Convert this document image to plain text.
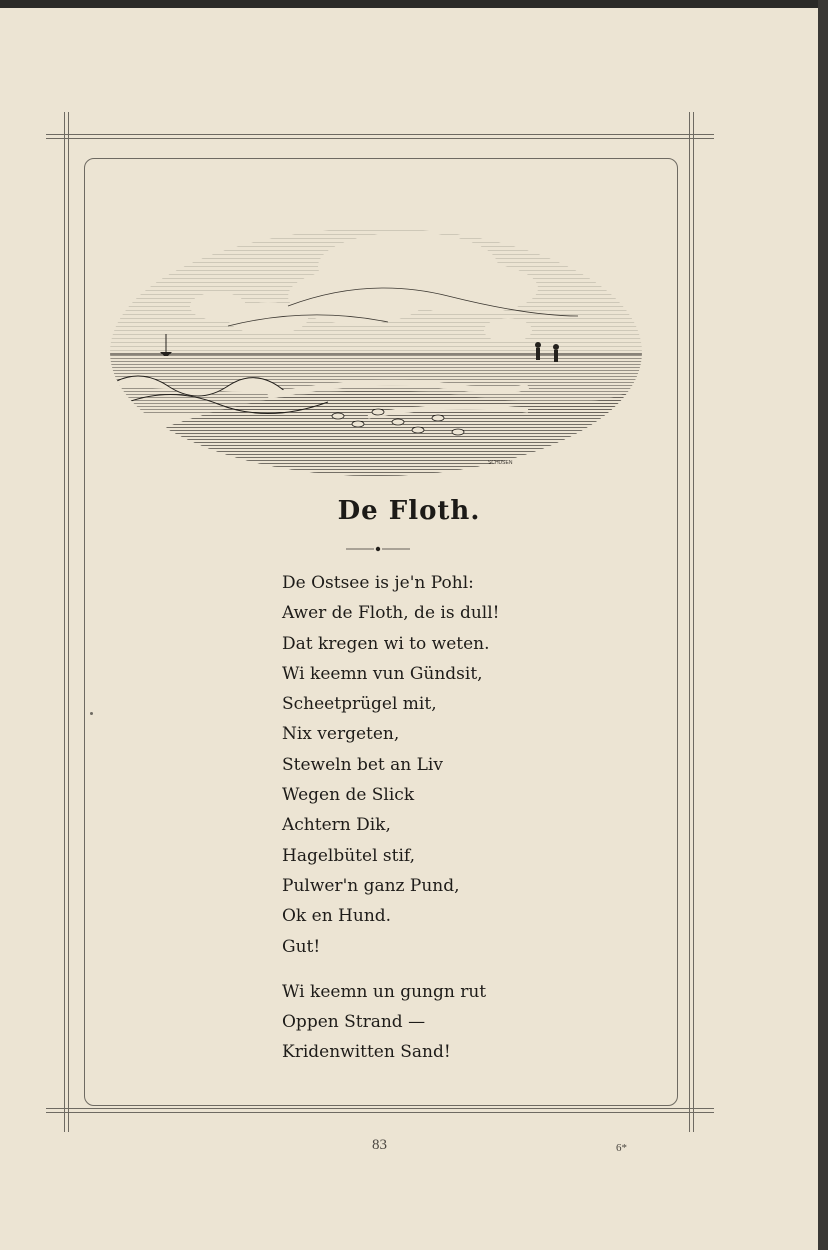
SCHUSEN
De Floth.
De Ostsee is je'n Pohl:
Awer de Floth, de is dull!
Dat kregen wi to weten.
Wi keemn vun Gündsit,
Scheetprügel mit,
Nix vergeten,
Stewеln bet an Liv
Wegen de Slick
Achtern Dik,
Hagelbütel stif,
Pulwer'n ganz Pund,
Ok en Hund.
Gut!
Wi keemn un gungn rut
Oppen Strand —
Kridenwitten Sand!
83	6*
